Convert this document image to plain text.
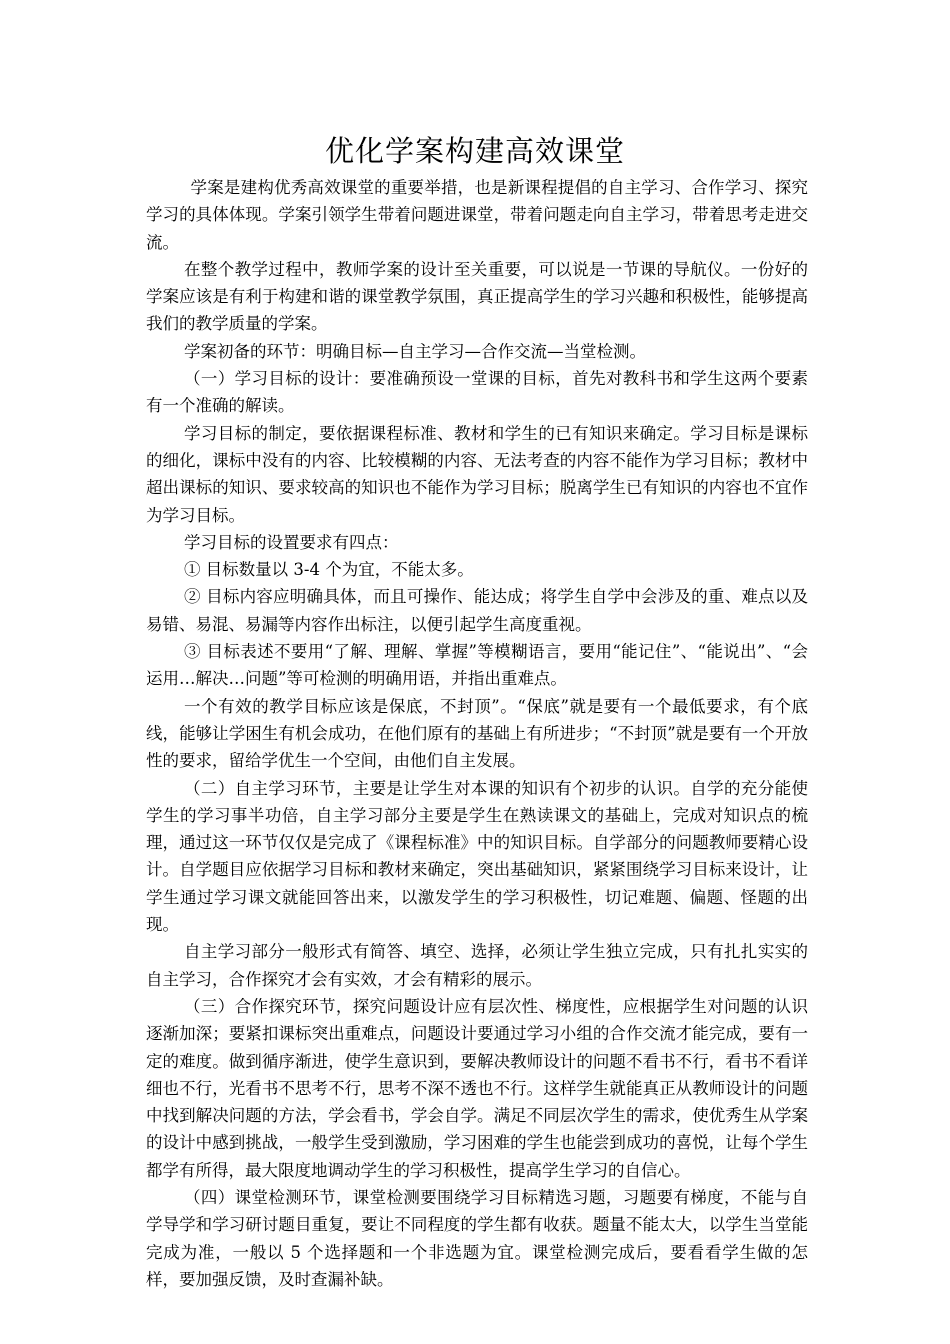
优化学案构建高效课堂

学案是建构优秀高效课堂的重要举措，也是新课程提倡的自主学习、合作学习、探究学习的具体体现。学案引领学生带着问题进课堂，带着问题走向自主学习，带着思考走进交流。

在整个教学过程中，教师学案的设计至关重要，可以说是一节课的导航仪。一份好的学案应该是有利于构建和谐的课堂教学氛围，真正提高学生的学习兴趣和积极性，能够提高我们的教学质量的学案。

学案初备的环节：明确目标—自主学习—合作交流—当堂检测。

（一）学习目标的设计：要准确预设一堂课的目标，首先对教科书和学生这两个要素有一个准确的解读。

学习目标的制定，要依据课程标准、教材和学生的已有知识来确定。学习目标是课标的细化，课标中没有的内容、比较模糊的内容、无法考查的内容不能作为学习目标；教材中超出课标的知识、要求较高的知识也不能作为学习目标；脱离学生已有知识的内容也不宜作为学习目标。

学习目标的设置要求有四点：

① 目标数量以 3-4 个为宜，不能太多。

② 目标内容应明确具体，而且可操作、能达成；将学生自学中会涉及的重、难点以及易错、易混、易漏等内容作出标注，以便引起学生高度重视。

③ 目标表述不要用“了解、理解、掌握”等模糊语言，要用“能记住”、“能说出”、“会运用…解决…问题”等可检测的明确用语，并指出重难点。

一个有效的教学目标应该是保底，不封顶”。“保底”就是要有一个最低要求，有个底线，能够让学困生有机会成功，在他们原有的基础上有所进步；“不封顶”就是要有一个开放性的要求，留给学优生一个空间，由他们自主发展。

（二）自主学习环节，主要是让学生对本课的知识有个初步的认识。自学的充分能使学生的学习事半功倍，自主学习部分主要是学生在熟读课文的基础上，完成对知识点的梳理，通过这一环节仅仅是完成了《课程标准》中的知识目标。自学部分的问题教师要精心设计。自学题目应依据学习目标和教材来确定，突出基础知识，紧紧围绕学习目标来设计，让学生通过学习课文就能回答出来，以激发学生的学习积极性，切记难题、偏题、怪题的出现。

自主学习部分一般形式有简答、填空、选择，必须让学生独立完成，只有扎扎实实的自主学习，合作探究才会有实效，才会有精彩的展示。

（三）合作探究环节，探究问题设计应有层次性、梯度性，应根据学生对问题的认识逐渐加深；要紧扣课标突出重难点，问题设计要通过学习小组的合作交流才能完成，要有一定的难度。做到循序渐进，使学生意识到，要解决教师设计的问题不看书不行，看书不看详细也不行，光看书不思考不行，思考不深不透也不行。这样学生就能真正从教师设计的问题中找到解决问题的方法，学会看书，学会自学。满足不同层次学生的需求，使优秀生从学案的设计中感到挑战，一般学生受到激励，学习困难的学生也能尝到成功的喜悦，让每个学生都学有所得，最大限度地调动学生的学习积极性，提高学生学习的自信心。

（四）课堂检测环节，课堂检测要围绕学习目标精选习题，习题要有梯度，不能与自学导学和学习研讨题目重复，要让不同程度的学生都有收获。题量不能太大，以学生当堂能完成为准，一般以 5 个选择题和一个非选题为宜。课堂检测完成后，要看看学生做的怎样，要加强反馈，及时查漏补缺。
